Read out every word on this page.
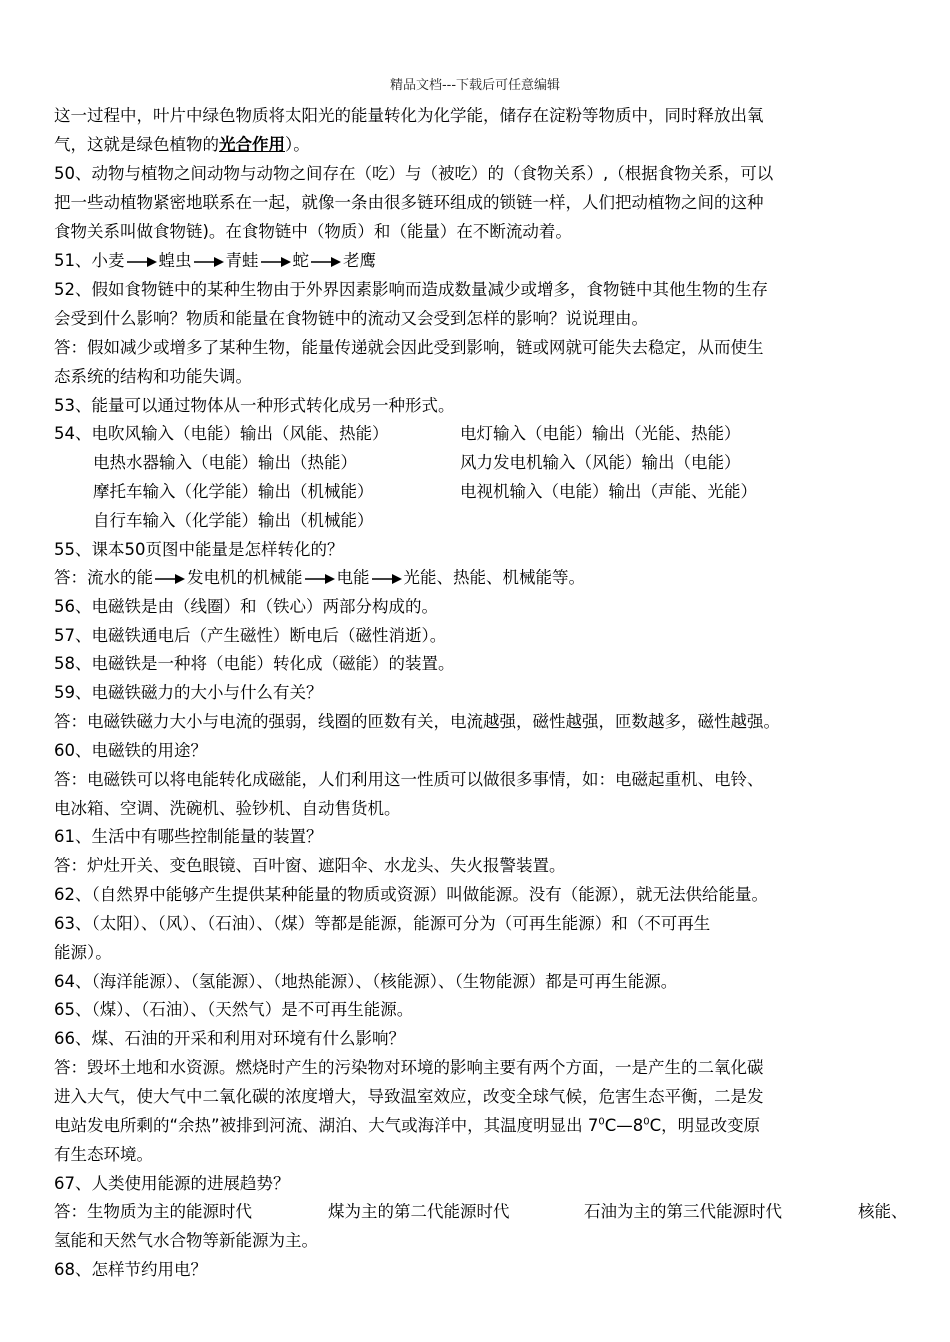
精品文档---下载后可任意编辑
这一过程中，叶片中绿色物质将太阳光的能量转化为化学能，储存在淀粉等物质中，同时释放出氧
气，这就是绿色植物的光合作用）。
50、动物与植物之间动物与动物之间存在（吃）与（被吃）的（食物关系）,（根据食物关系，可以
把一些动植物紧密地联系在一起，就像一条由很多链环组成的锁链一样，人们把动植物之间的这种
食物关系叫做食物链)。在食物链中（物质）和（能量）在不断流动着。
51、小麦 蝗虫 青蛙 蛇 老鹰
52、假如食物链中的某种生物由于外界因素影响而造成数量减少或增多，食物链中其他生物的生存
会受到什么影响？物质和能量在食物链中的流动又会受到怎样的影响？说说理由。
答：假如减少或增多了某种生物，能量传递就会因此受到影响，链或网就可能失去稳定，从而使生
态系统的结构和功能失调。
53、能量可以通过物体从一种形式转化成另一种形式。
54、电吹风输入（电能）输出（风能、热能）	电灯输入（电能）输出（光能、热能）
电热水器输入（电能）输出（热能）	风力发电机输入（风能）输出（电能）
摩托车输入（化学能）输出（机械能）	电视机输入（电能）输出（声能、光能）
自行车输入（化学能）输出（机械能）
55、课本50页图中能量是怎样转化的？
答：流水的能 发电机的机械能 电能 光能、热能、机械能等。
56、电磁铁是由（线圈）和（铁心）两部分构成的。
57、电磁铁通电后（产生磁性）断电后（磁性消逝）。
58、电磁铁是一种将（电能）转化成（磁能）的装置。
59、电磁铁磁力的大小与什么有关？
答：电磁铁磁力大小与电流的强弱，线圈的匝数有关，电流越强，磁性越强，匝数越多，磁性越强。
60、电磁铁的用途？
答：电磁铁可以将电能转化成磁能，人们利用这一性质可以做很多事情，如：电磁起重机、电铃、
电冰箱、空调、洗碗机、验钞机、自动售货机。
61、生活中有哪些控制能量的装置？
答：炉灶开关、变色眼镜、百叶窗、遮阳伞、水龙头、失火报警装置。
62、（自然界中能够产生提供某种能量的物质或资源）叫做能源。没有（能源），就无法供给能量。
63、（太阳）、（风）、（石油）、（煤）等都是能源，能源可分为（可再生能源）和（不可再生
能源）。
64、（海洋能源）、（氢能源）、（地热能源）、（核能源）、（生物能源）都是可再生能源。
65、（煤）、（石油）、（天然气）是不可再生能源。
66、煤、石油的开采和利用对环境有什么影响？
答：毁坏土地和水资源。燃烧时产生的污染物对环境的影响主要有两个方面，一是产生的二氧化碳
进入大气，使大气中二氧化碳的浓度增大，导致温室效应，改变全球气候，危害生态平衡，二是发
电站发电所剩的“余热”被排到河流、湖泊、大气或海洋中，其温度明显出 $7^0C—8^0C$，明显改变原
有生态环境。
67、人类使用能源的进展趋势？
答：生物质为主的能源时代	煤为主的第二代能源时代	石油为主的第三代能源时代	核能、
氢能和天然气水合物等新能源为主。
68、怎样节约用电？
